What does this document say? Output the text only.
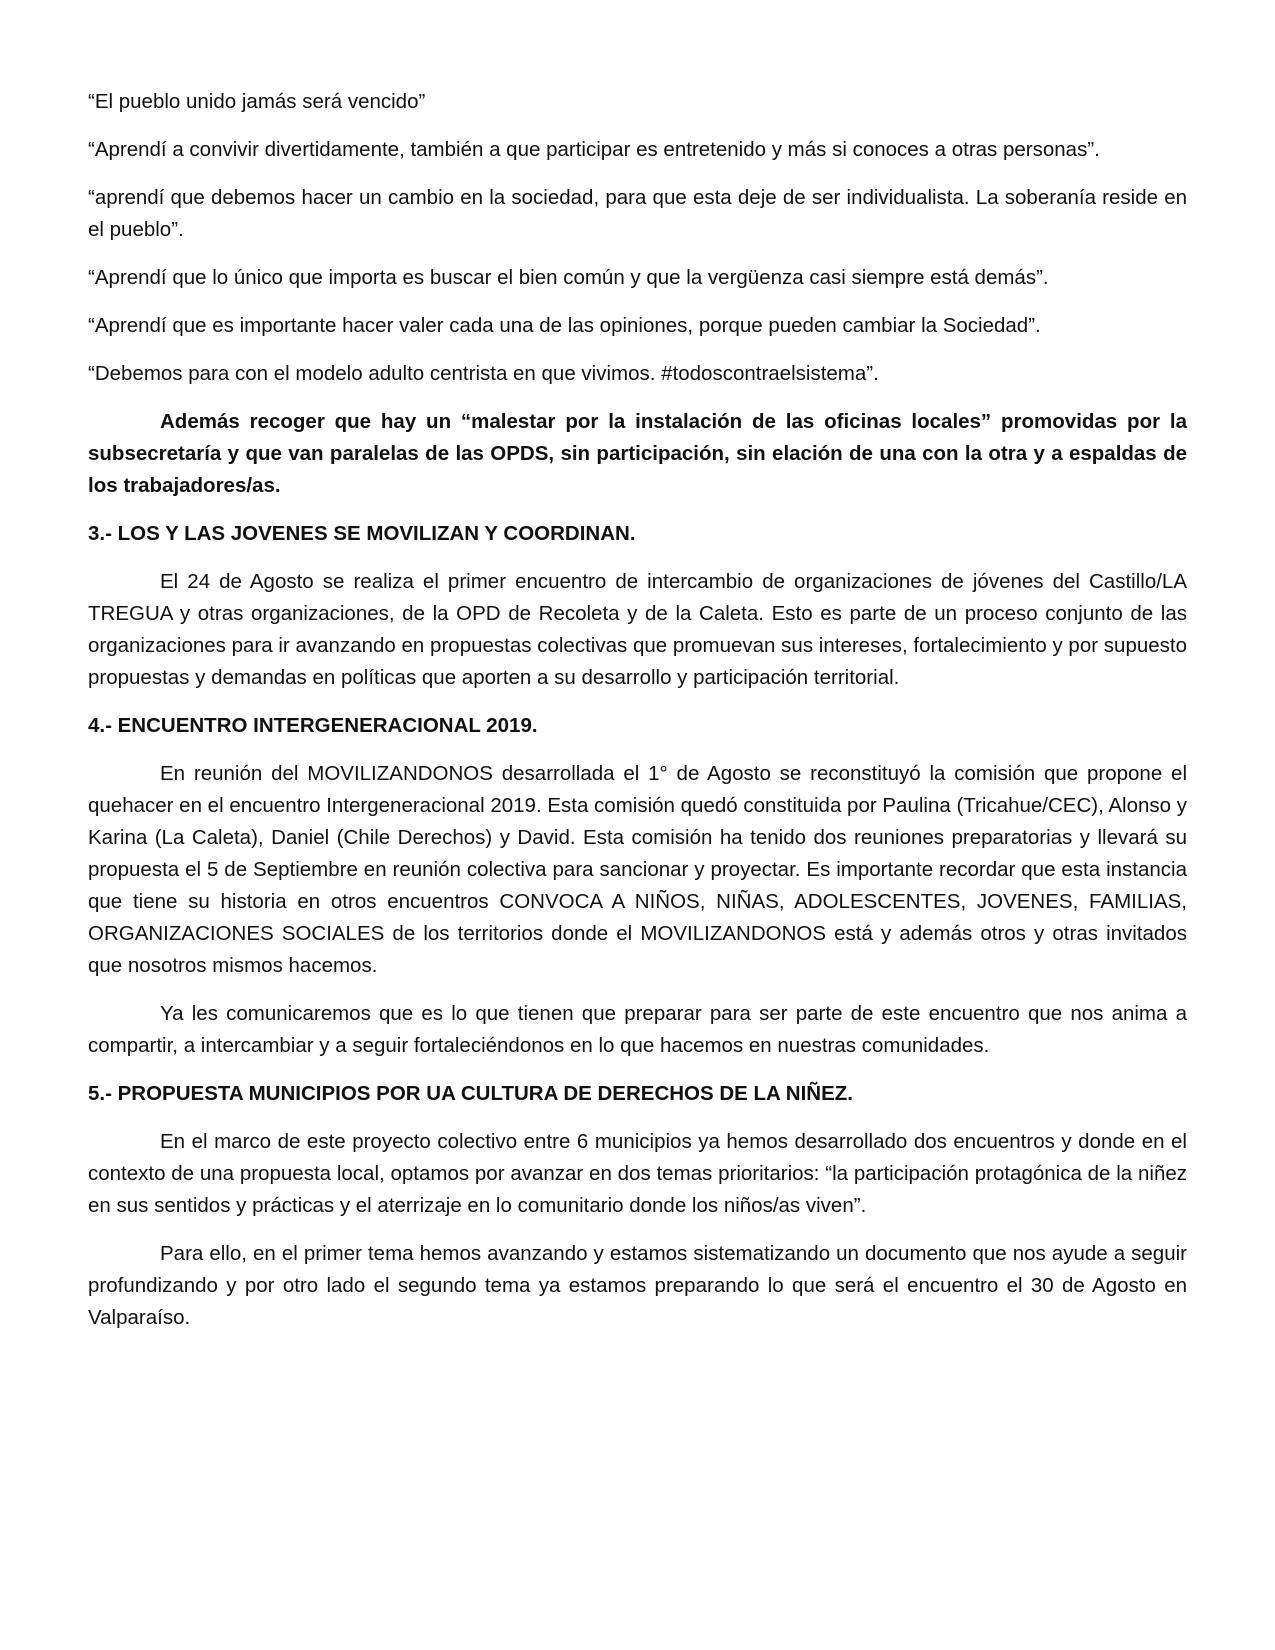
“El pueblo unido jamás será vencido”

“Aprendí a convivir divertidamente, también a que participar es entretenido y más si conoces a otras personas”.

“aprendí que debemos hacer un cambio en la sociedad, para que esta deje de ser individualista. La soberanía reside en el pueblo”.

“Aprendí que lo único que importa es buscar el bien común y que la vergüenza casi siempre está demás”.

“Aprendí que es importante hacer valer cada una de las opiniones, porque pueden cambiar la Sociedad”.

“Debemos para con el modelo adulto centrista en que vivimos. #todoscontraelsistema”.

Además recoger que hay un “malestar por la instalación de las oficinas locales” promovidas por la subsecretaría y que van paralelas de las OPDS, sin participación, sin elación de una con la otra y a espaldas de los trabajadores/as.

3.- LOS Y LAS JOVENES SE MOVILIZAN Y COORDINAN.

El 24 de Agosto se realiza el primer encuentro de intercambio de organizaciones de jóvenes del Castillo/LA TREGUA y otras organizaciones, de la OPD de Recoleta y de la Caleta. Esto es parte de un proceso conjunto de las organizaciones para ir avanzando en propuestas colectivas que promuevan sus intereses, fortalecimiento y por supuesto propuestas y demandas en políticas que aporten a su desarrollo y participación territorial.

4.- ENCUENTRO INTERGENERACIONAL 2019.

En reunión del MOVILIZANDONOS desarrollada el 1° de Agosto se reconstituyó la comisión que propone el quehacer en el encuentro Intergeneracional 2019. Esta comisión quedó constituida por Paulina (Tricahue/CEC), Alonso y Karina (La Caleta), Daniel (Chile Derechos) y David. Esta comisión ha tenido dos reuniones preparatorias y llevará su propuesta el 5 de Septiembre en reunión colectiva para sancionar y proyectar. Es importante recordar que esta instancia que tiene su historia en otros encuentros CONVOCA A NIÑOS, NIÑAS, ADOLESCENTES, JOVENES, FAMILIAS, ORGANIZACIONES SOCIALES de los territorios donde el MOVILIZANDONOS está y además otros y otras invitados que nosotros mismos hacemos.

Ya les comunicaremos que es lo que tienen que preparar para ser parte de este encuentro que nos anima a compartir, a intercambiar y a seguir fortaleciéndonos en lo que hacemos en nuestras comunidades.

5.- PROPUESTA MUNICIPIOS POR UA CULTURA DE DERECHOS DE LA NIÑEZ.

En el marco de este proyecto colectivo entre 6 municipios ya hemos desarrollado dos encuentros y donde en el contexto de una propuesta local, optamos por avanzar en dos temas prioritarios: “la participación protagónica de la niñez en sus sentidos y prácticas y el aterrizaje en lo comunitario donde los niños/as viven”.

Para ello, en el primer tema hemos avanzando y estamos sistematizando un documento que nos ayude a seguir profundizando y por otro lado el segundo tema ya estamos preparando lo que será el encuentro el 30 de Agosto en Valparaíso.
